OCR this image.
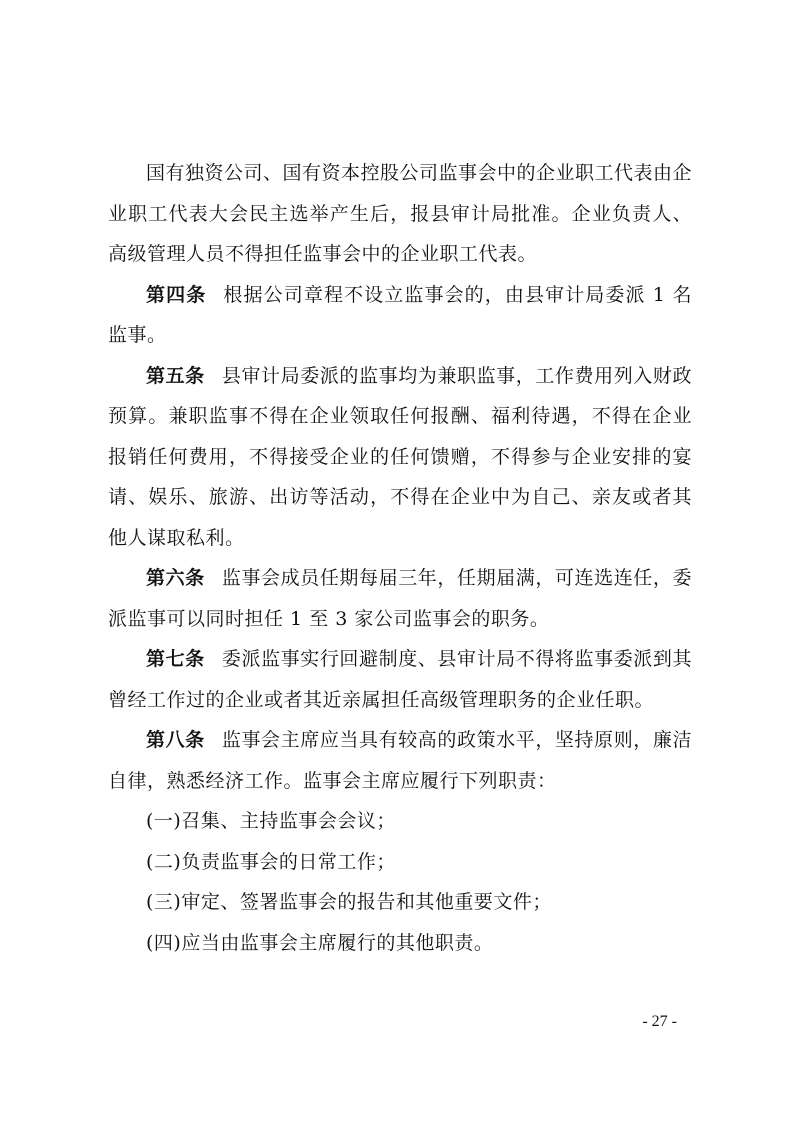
国有独资公司、国有资本控股公司监事会中的企业职工代表由企业职工代表大会民主选举产生后，报县审计局批准。企业负责人、高级管理人员不得担任监事会中的企业职工代表。

第四条 根据公司章程不设立监事会的，由县审计局委派 1 名监事。

第五条 县审计局委派的监事均为兼职监事，工作费用列入财政预算。兼职监事不得在企业领取任何报酬、福利待遇，不得在企业报销任何费用，不得接受企业的任何馈赠，不得参与企业安排的宴请、娱乐、旅游、出访等活动，不得在企业中为自己、亲友或者其他人谋取私利。

第六条 监事会成员任期每届三年，任期届满，可连选连任，委派监事可以同时担任 1 至 3 家公司监事会的职务。

第七条 委派监事实行回避制度、县审计局不得将监事委派到其曾经工作过的企业或者其近亲属担任高级管理职务的企业任职。

第八条 监事会主席应当具有较高的政策水平，坚持原则，廉洁自律，熟悉经济工作。监事会主席应履行下列职责：

(一)召集、主持监事会会议；

(二)负责监事会的日常工作；

(三)审定、签署监事会的报告和其他重要文件；

(四)应当由监事会主席履行的其他职责。

- 27 -
